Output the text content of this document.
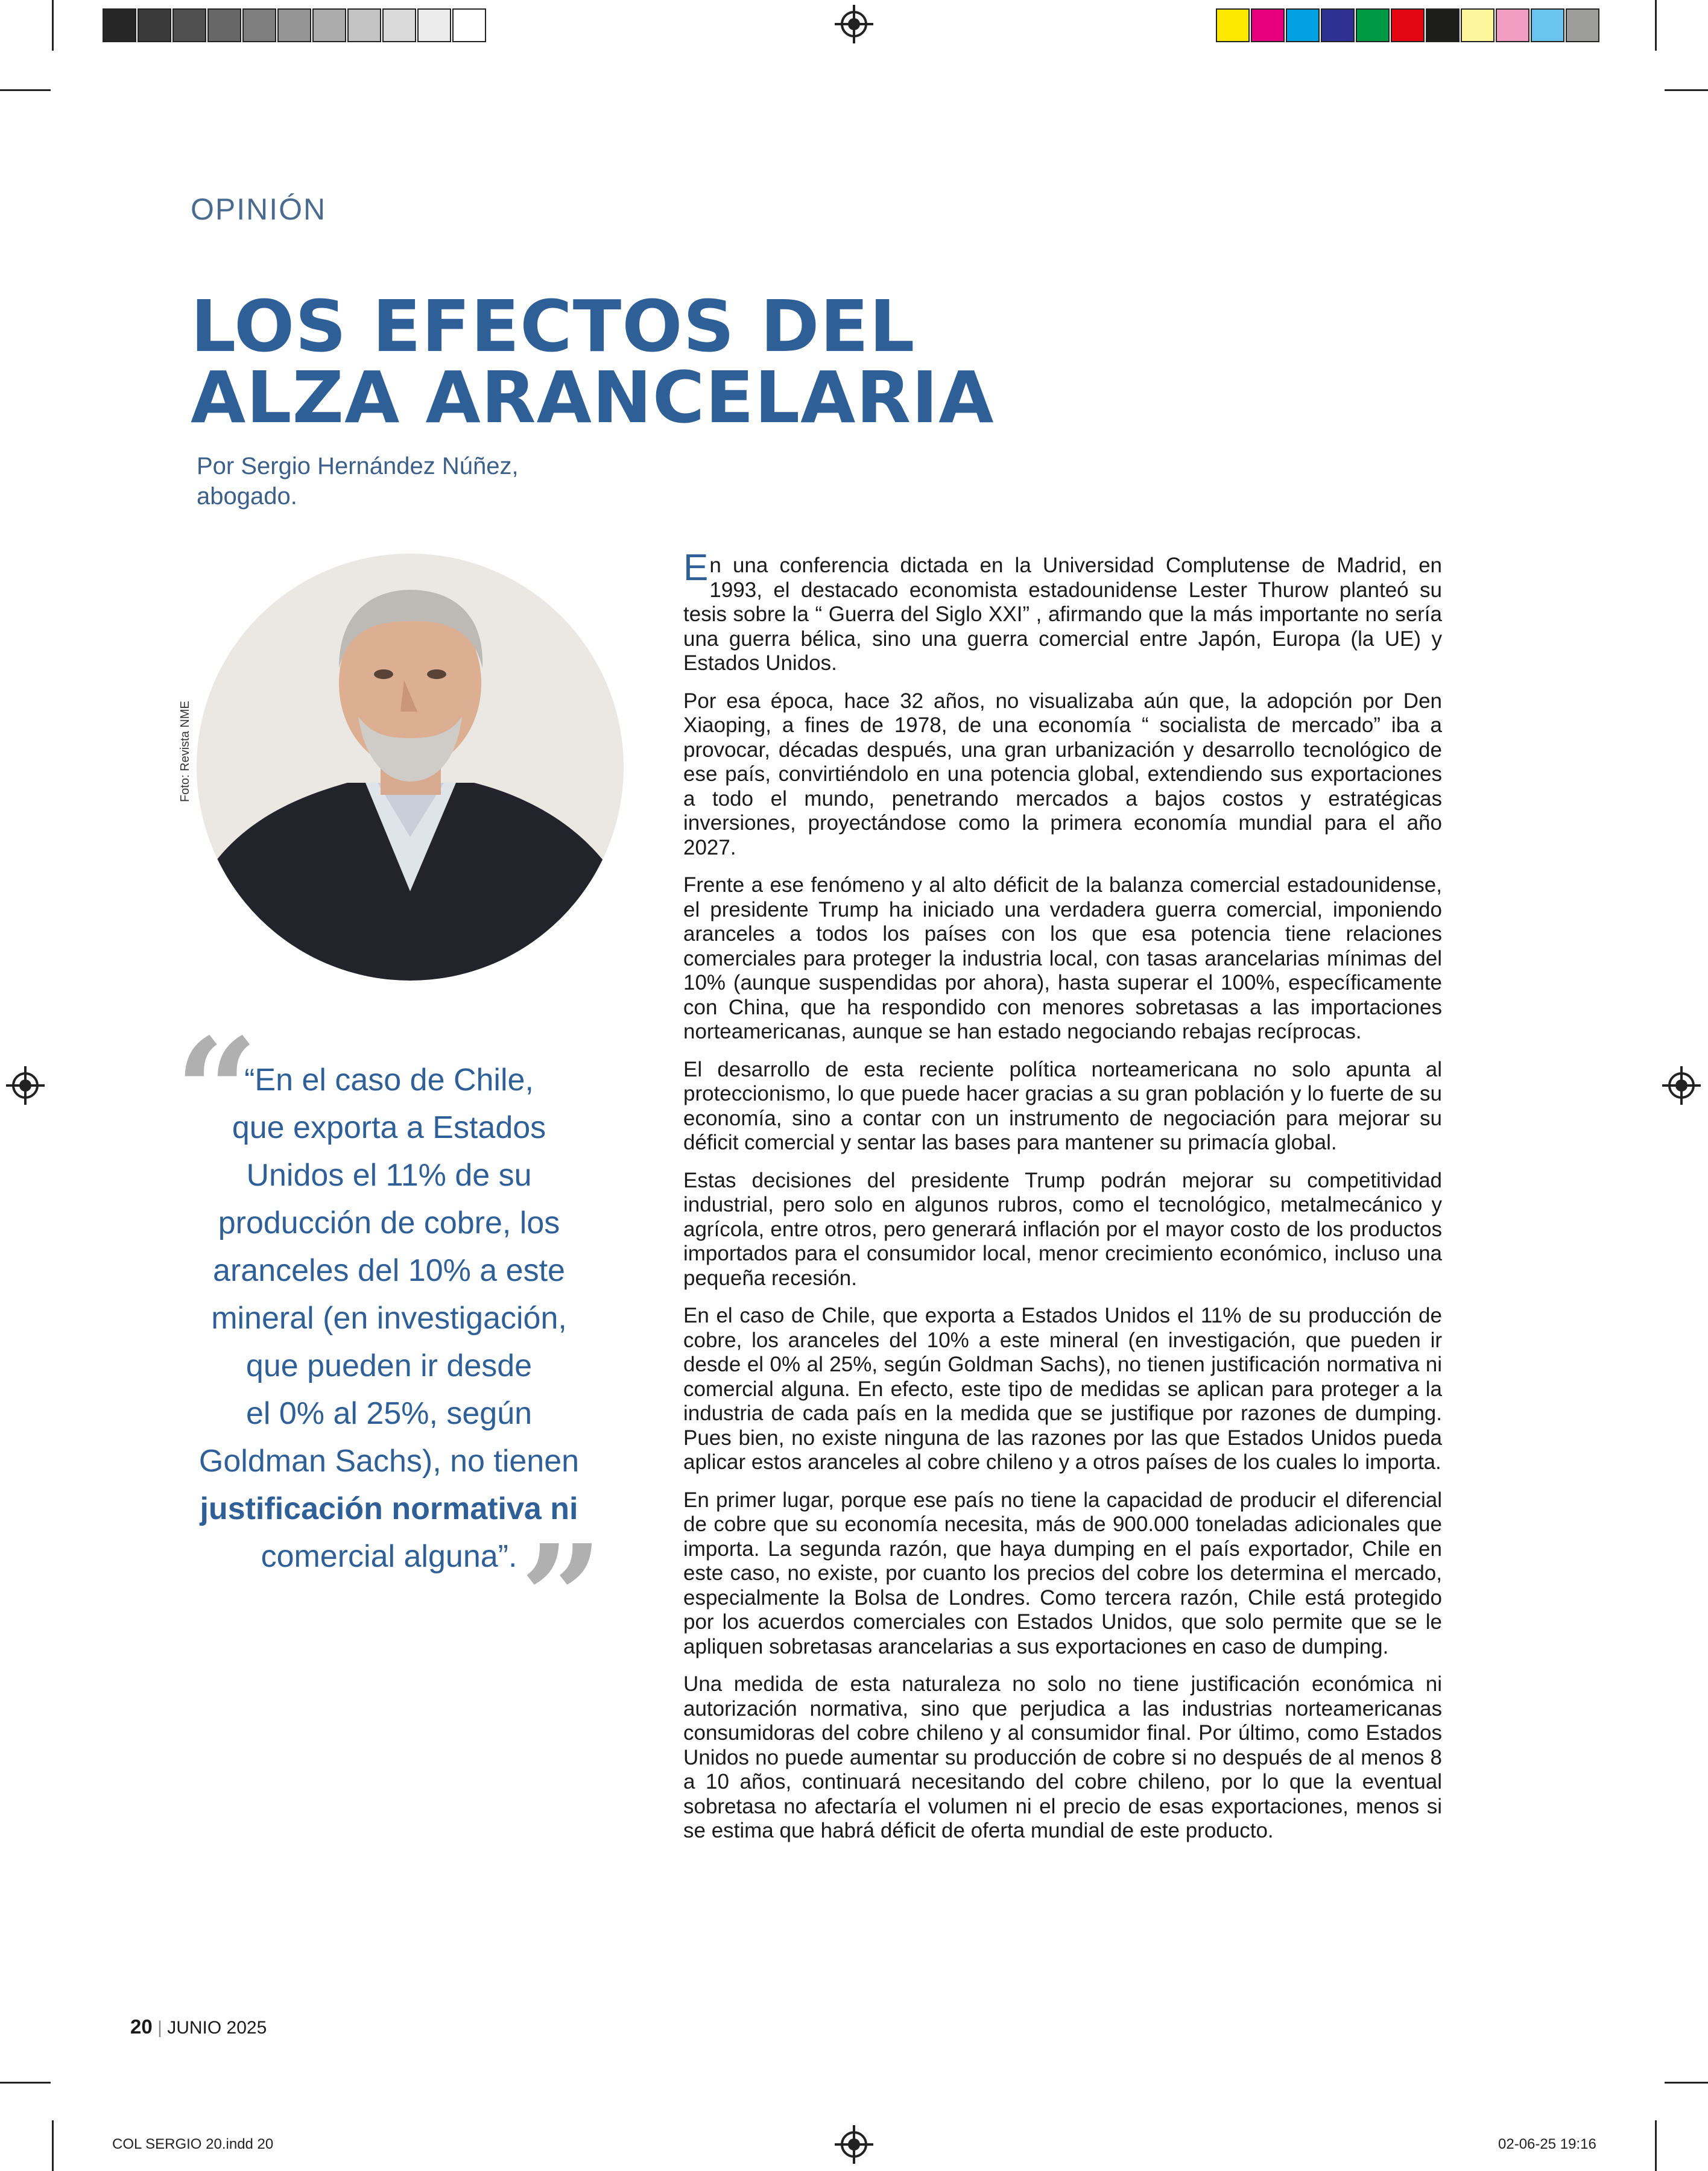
OPINIÓN
LOS EFECTOS DEL
ALZA ARANCELARIA
Por Sergio Hernández Núñez,
abogado.
Foto: Revista NME
“
“En el caso de Chile,
que exporta a Estados
Unidos el 11% de su
producción de cobre, los
aranceles del 10% a este
mineral (en investigación,
que pueden ir desde
el 0% al 25%, según
Goldman Sachs), no tienen
justificación normativa ni
comercial alguna”. ”

En una conferencia dictada en la Universidad Complutense de Madrid, en 1993, el destacado economista estadounidense Lester Thurow planteó su tesis sobre la “ Guerra del Siglo XXI” , afirmando que la más importante no sería una guerra bélica, sino una guerra comercial entre Japón, Europa (la UE) y Estados Unidos.

Por esa época, hace 32 años, no visualizaba aún que, la adopción por Den Xiaoping, a fines de 1978, de una economía “ socialista de mercado” iba a provocar, décadas después, una gran urbanización y desarrollo tecnológico de ese país, convirtiéndolo en una potencia global, extendiendo sus exportaciones a todo el mundo, penetrando mercados a bajos costos y estratégicas inversiones, proyectándose como la primera economía mundial para el año 2027.

Frente a ese fenómeno y al alto déficit de la balanza comercial estadounidense, el presidente Trump ha iniciado una verdadera guerra comercial, imponiendo aranceles a todos los países con los que esa potencia tiene relaciones comerciales para proteger la industria local, con tasas arancelarias mínimas del 10% (aunque suspendidas por ahora), hasta superar el 100%, específicamente con China, que ha respondido con menores sobretasas a las importaciones norteamericanas, aunque se han estado negociando rebajas recíprocas.

El desarrollo de esta reciente política norteamericana no solo apunta al proteccionismo, lo que puede hacer gracias a su gran población y lo fuerte de su economía, sino a contar con un instrumento de negociación para mejorar su déficit comercial y sentar las bases para mantener su primacía global.

Estas decisiones del presidente Trump podrán mejorar su competitividad industrial, pero solo en algunos rubros, como el tecnológico, metalmecánico y agrícola, entre otros, pero generará inflación por el mayor costo de los productos importados para el consumidor local, menor crecimiento económico, incluso una pequeña recesión.

En el caso de Chile, que exporta a Estados Unidos el 11% de su producción de cobre, los aranceles del 10% a este mineral (en investigación, que pueden ir desde el 0% al 25%, según Goldman Sachs), no tienen justificación normativa ni comercial alguna. En efecto, este tipo de medidas se aplican para proteger a la industria de cada país en la medida que se justifique por razones de dumping. Pues bien, no existe ninguna de las razones por las que Estados Unidos pueda aplicar estos aranceles al cobre chileno y a otros países de los cuales lo importa.

En primer lugar, porque ese país no tiene la capacidad de producir el diferencial de cobre que su economía necesita, más de 900.000 toneladas adicionales que importa. La segunda razón, que haya dumping en el país exportador, Chile en este caso, no existe, por cuanto los precios del cobre los determina el mercado, especialmente la Bolsa de Londres. Como tercera razón, Chile está protegido por los acuerdos comerciales con Estados Unidos, que solo permite que se le apliquen sobretasas arancelarias a sus exportaciones en caso de dumping.

Una medida de esta naturaleza no solo no tiene justificación económica ni autorización normativa, sino que perjudica a las industrias norteamericanas consumidoras del cobre chileno y al consumidor final. Por último, como Estados Unidos no puede aumentar su producción de cobre si no después de al menos 8 a 10 años, continuará necesitando del cobre chileno, por lo que la eventual sobretasa no afectaría el volumen ni el precio de esas exportaciones, menos si se estima que habrá déficit de oferta mundial de este producto.

20 | JUNIO 2025
COL SERGIO 20.indd 20	02-06-25 19:16
